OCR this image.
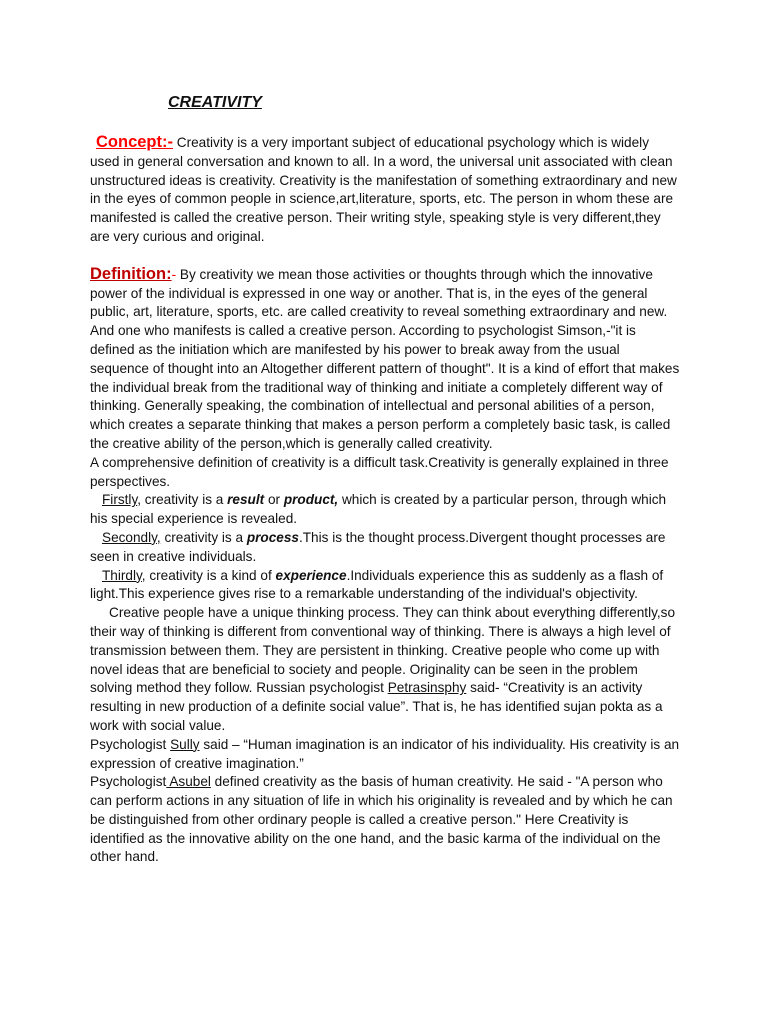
CREATIVITY

Concept:- Creativity is a very important subject of educational psychology which is widely used in general conversation and known to all. In a word, the universal unit associated with clean unstructured ideas is creativity. Creativity is the manifestation of something extraordinary and new in the eyes of common people in science,art,literature, sports, etc. The person in whom these are manifested is called the creative person. Their writing style, speaking style is very different,they are very curious and original.

Definition:- By creativity we mean those activities or thoughts through which the innovative power of the individual is expressed in one way or another. That is, in the eyes of the general public, art, literature, sports, etc. are called creativity to reveal something extraordinary and new. And one who manifests is called a creative person. According to psychologist Simson,-"it is defined as the initiation which are manifested by his power to break away from the usual sequence of thought into an Altogether different pattern of thought". It is a kind of effort that makes the individual break from the traditional way of thinking and initiate a completely different way of thinking. Generally speaking, the combination of intellectual and personal abilities of a person, which creates a separate thinking that makes a person perform a completely basic task, is called the creative ability of the person,which is generally called creativity.

A comprehensive definition of creativity is a difficult task.Creativity is generally explained in three perspectives.

Firstly, creativity is a result or product, which is created by a particular person, through which his special experience is revealed.

Secondly, creativity is a process.This is the thought process.Divergent thought processes are seen in creative individuals.

Thirdly, creativity is a kind of experience.Individuals experience this as suddenly as a flash of light.This experience gives rise to a remarkable understanding of the individual's objectivity.

Creative people have a unique thinking process. They can think about everything differently,so their way of thinking is different from conventional way of thinking. There is always a high level of transmission between them. They are persistent in thinking. Creative people who come up with novel ideas that are beneficial to society and people. Originality can be seen in the problem solving method they follow. Russian psychologist Petrasinsphy said- “Creativity is an activity resulting in new production of a definite social value”. That is, he has identified sujan pokta as a work with social value.

Psychologist Sully said – “Human imagination is an indicator of his individuality. His creativity is an expression of creative imagination.”

Psychologist Asubel defined creativity as the basis of human creativity. He said - "A person who can perform actions in any situation of life in which his originality is revealed and by which he can be distinguished from other ordinary people is called a creative person." Here Creativity is identified as the innovative ability on the one hand, and the basic karma of the individual on the other hand.
